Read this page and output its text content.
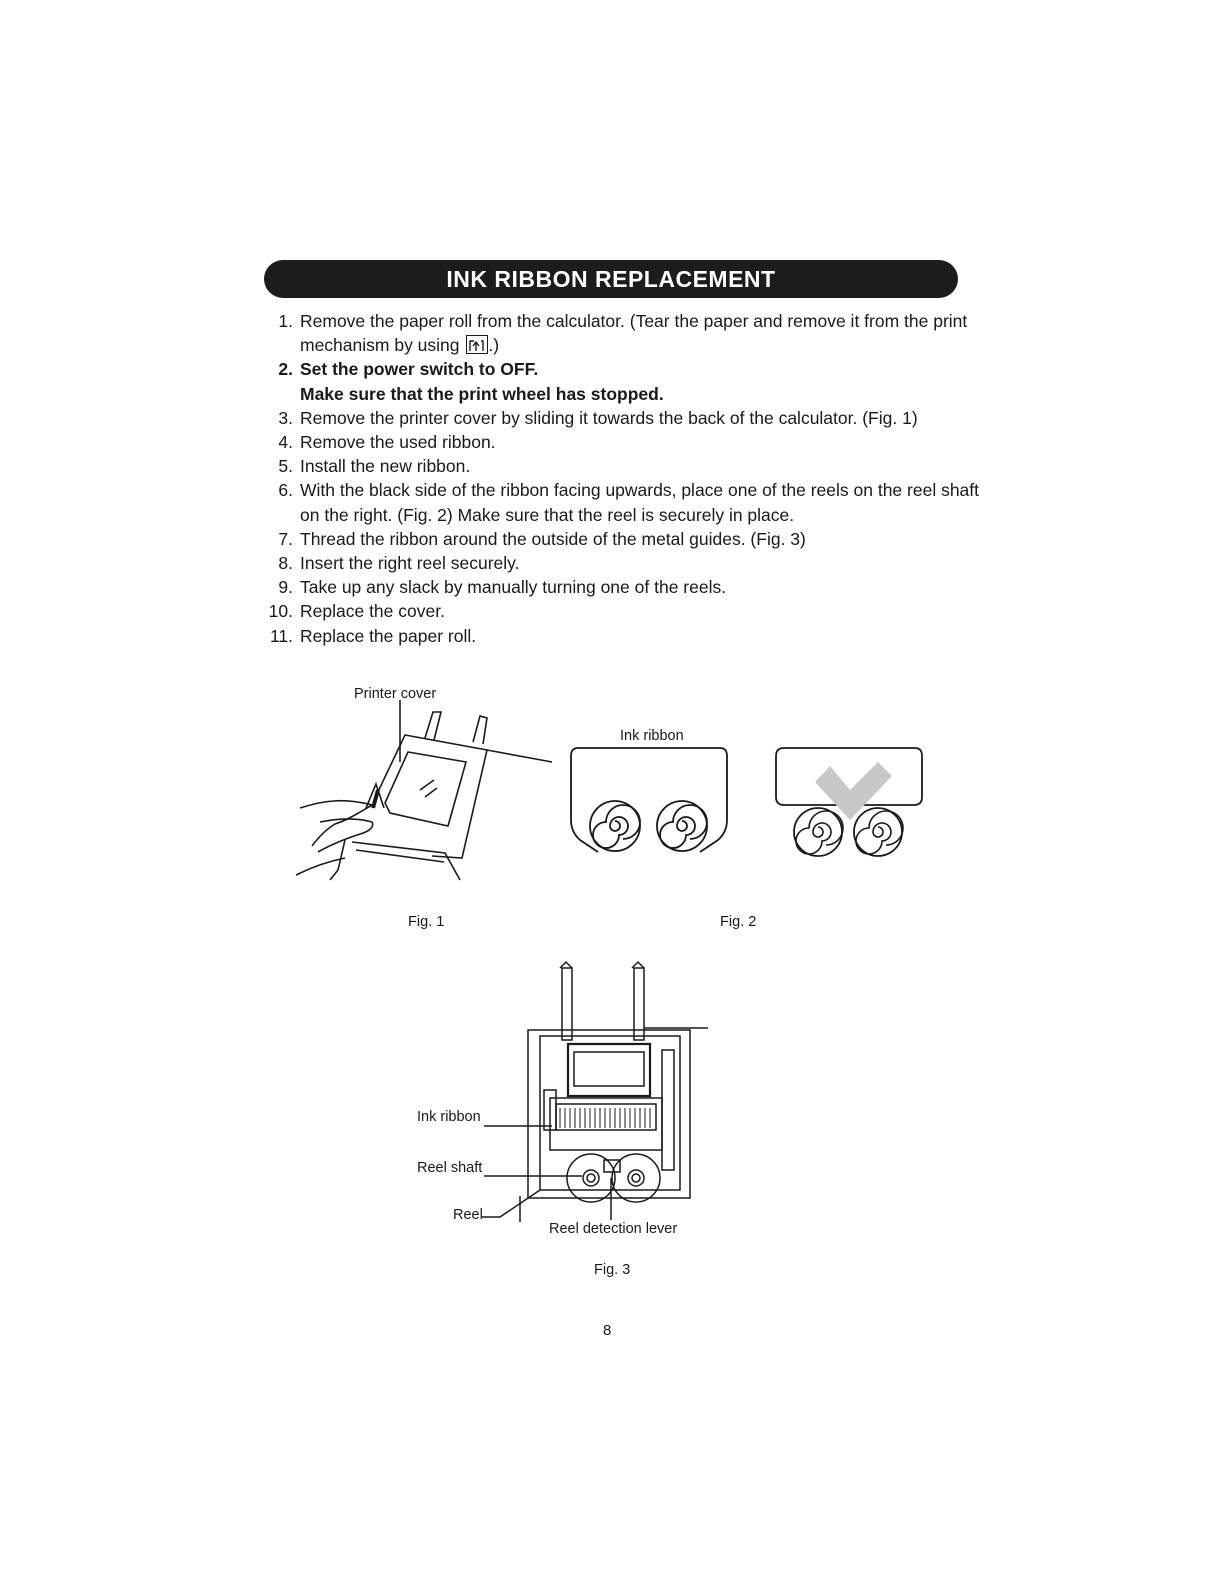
INK RIBBON REPLACEMENT
1. Remove the paper roll from the calculator. (Tear the paper and remove it from the print mechanism by using .)
2. Set the power switch to OFF.
Make sure that the print wheel has stopped.
3. Remove the printer cover by sliding it towards the back of the calculator. (Fig. 1)
4. Remove the used ribbon.
5. Install the new ribbon.
6. With the black side of the ribbon facing upwards, place one of the reels on the reel shaft on the right. (Fig. 2) Make sure that the reel is securely in place.
7. Thread the ribbon around the outside of the metal guides. (Fig. 3)
8. Insert the right reel securely.
9. Take up any slack by manually turning one of the reels.
10. Replace the cover.
11. Replace the paper roll.
Printer cover
Fig. 1
Ink ribbon
Fig. 2
Ink ribbon
Reel shaft
Reel
Reel detection lever
Fig. 3
8
